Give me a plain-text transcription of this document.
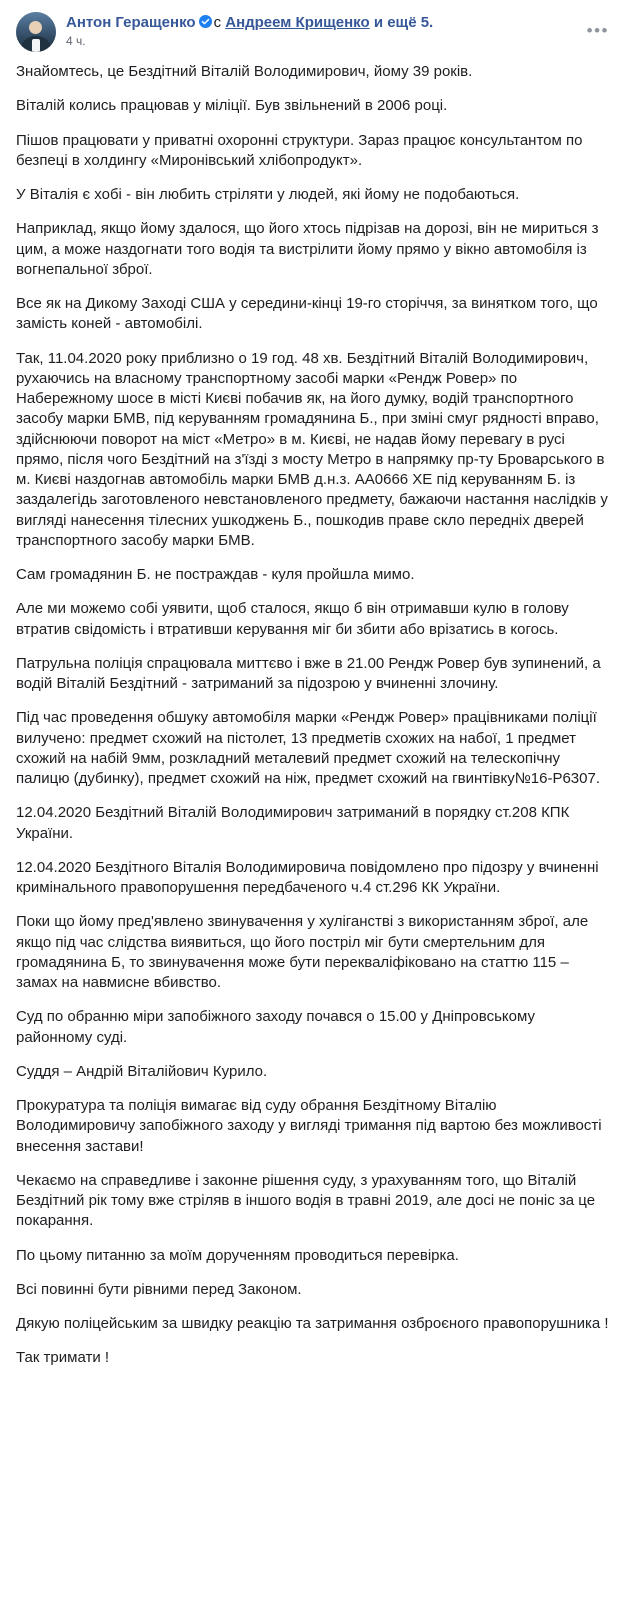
Антон Геращенко с Андреем Крищенко и ещё 5.
4 ч.
•••

Знайомтесь, це Бездітний Віталій Володимирович, йому 39 років.

Віталій колись працював у міліції. Був звільнений в 2006 році.

Пішов працювати у приватні охоронні структури. Зараз працює консультантом по безпеці в холдингу «Миронівський хлібопродукт».

У Віталія є хобі - він любить стріляти у людей, які йому не подобаються.

Наприклад, якщо йому здалося, що його хтось підрізав на дорозі, він не мириться з цим, а може наздогнати того водія та вистрілити йому прямо у вікно автомобіля із вогнепальної зброї.

Все як на Дикому Заході США у середини-кінці 19-го сторіччя, за винятком того, що замість коней - автомобілі.

Так, 11.04.2020 року приблизно о 19 год. 48 хв. Бездітний Віталій Володимирович, рухаючись на власному транспортному засобі марки «Рендж Ровер» по Набережному шосе в місті Києві побачив як, на його думку, водій транспортного засобу марки БМВ, під керуванням громадянина Б., при зміні смуг рядності вправо, здійснюючи поворот на міст «Метро» в м. Києві, не надав йому перевагу в русі прямо, після чого Бездітний на з'їзді з мосту Метро в напрямку пр-ту Броварського в м. Києві наздогнав автомобіль марки БМВ д.н.з. АА0666 ХЕ під керуванням Б. із заздалегідь заготовленого невстановленого предмету, бажаючи настання наслідків у вигляді нанесення тілесних ушкоджень Б., пошкодив праве скло передніх дверей транспортного засобу марки БМВ.

Сам громадянин Б. не постраждав - куля пройшла мимо.

Але ми можемо собі уявити, щоб сталося, якщо б він отримавши кулю в голову втратив свідомість і втративши керування міг би збити або врізатись в когось.

Патрульна поліція спрацювала миттєво і вже в 21.00 Рендж Ровер був зупинений, а водій Віталій Бездітний - затриманий за підозрою у вчиненні злочину.

Під час проведення обшуку автомобіля марки «Рендж Ровер» працівниками поліції вилучено: предмет схожий на пістолет, 13 предметів схожих на набої, 1 предмет схожий на набій 9мм, розкладний металевий предмет схожий на телескопічну палицю (дубинку), предмет схожий на ніж, предмет схожий на гвинтівку№16-Р6307.

12.04.2020 Бездітний Віталій Володимирович затриманий в порядку ст.208 КПК України.

12.04.2020 Бездітного Віталія Володимировича повідомлено про підозру у вчиненні кримінального правопорушення передбаченого ч.4 ст.296 КК України.

Поки що йому пред'явлено звинувачення у хуліганстві з використанням зброї, але якщо під час слідства виявиться, що його постріл міг бути смертельним для громадянина Б, то звинувачення може бути перекваліфіковано на статтю 115 – замах на навмисне вбивство.

Суд по обранню міри запобіжного заходу почався о 15.00 у Дніпровському районному суді.

Суддя – Андрій Віталійович Курило.

Прокуратура та поліція вимагає від суду обрання Бездітному Віталію Володимировичу запобіжного заходу у вигляді тримання під вартою без можливості внесення застави!

Чекаємо на справедливе і законне рішення суду, з урахуванням того, що Віталій Бездітний рік тому вже стріляв в іншого водія в травні 2019, але досі не поніс за це покарання.

По цьому питанню за моїм дорученням проводиться перевірка.

Всі повинні бути рівними перед Законом.

Дякую поліцейським за швидку реакцію та затримання озброєного правопорушника !

Так тримати !
